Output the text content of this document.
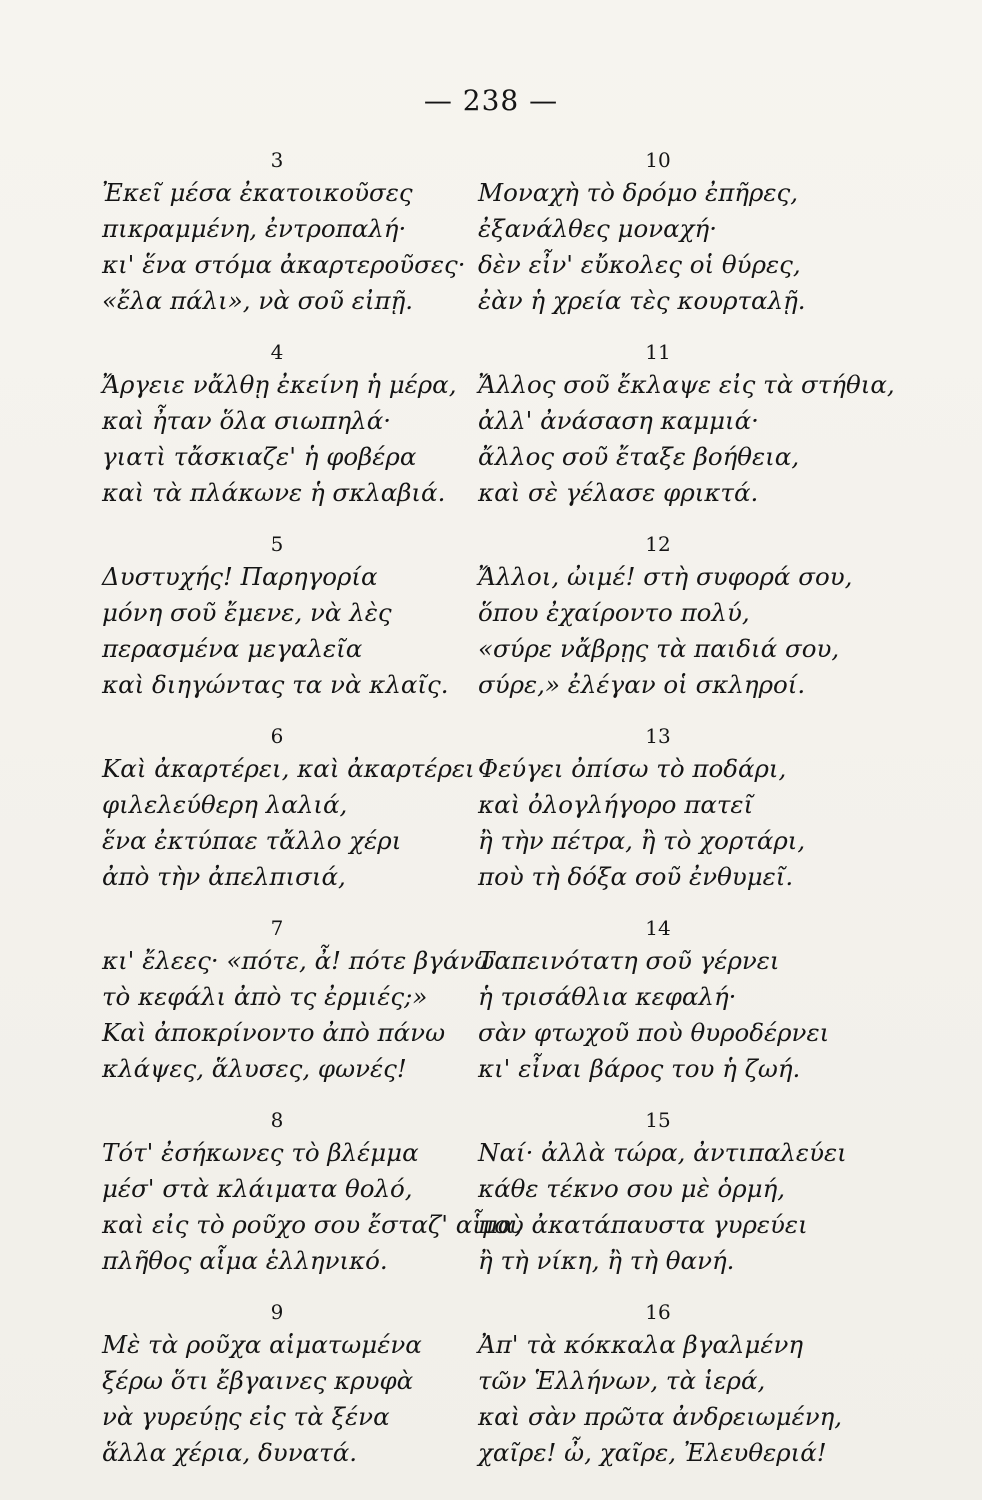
— 238 —
3
Ἐκεῖ μέσα ἐκατοικοῦσες
πικραμμένη, ἐντροπαλή·
κι' ἕνα στόμα ἀκαρτεροῦσες·
«ἔλα πάλι», νὰ σοῦ εἰπῇ.
4
Ἄργειε νἄλθῃ ἐκείνη ἡ μέρα,
καὶ ἦταν ὅλα σιωπηλά·
γιατὶ τἄσκιαζε' ἡ φοβέρα
καὶ τὰ πλάκωνε ἡ σκλαβιά.
5
Δυστυχής! Παρηγορία
μόνη σοῦ ἔμενε, νὰ λὲς
περασμένα μεγαλεῖα
καὶ διηγώντας τα νὰ κλαῖς.
6
Καὶ ἀκαρτέρει, καὶ ἀκαρτέρει
φιλελεύθερη λαλιά,
ἕνα ἐκτύπαε τἄλλο χέρι
ἀπὸ τὴν ἀπελπισιά,
7
κι' ἔλεες· «πότε, ἆ! πότε βγάνω
τὸ κεφάλι ἀπὸ τς ἐρμιές;»
Καὶ ἀποκρίνοντο ἀπὸ πάνω
κλάψες, ἅλυσες, φωνές!
8
Τότ' ἐσήκωνες τὸ βλέμμα
μέσ' στὰ κλάιματα θολό,
καὶ εἰς τὸ ροῦχο σου ἔσταζ' αἷμα,
πλῆθος αἷμα ἑλληνικό.
9
Μὲ τὰ ροῦχα αἱματωμένα
ξέρω ὅτι ἔβγαινες κρυφὰ
νὰ γυρεύῃς εἰς τὰ ξένα
ἅλλα χέρια, δυνατά.
10
Μοναχὴ τὸ δρόμο ἐπῆρες,
ἐξανάλθες μοναχή·
δὲν εἶν' εὔκολες οἱ θύρες,
ἐὰν ἡ χρεία τὲς κουρταλῇ.
11
Ἄλλος σοῦ ἔκλαψε εἰς τὰ στήθια,
ἀλλ' ἀνάσαση καμμιά·
ἄλλος σοῦ ἔταξε βοήθεια,
καὶ σὲ γέλασε φρικτά.
12
Ἄλλοι, ὠιμέ! στὴ συφορά σου,
ὅπου ἐχαίροντο πολύ,
«σύρε νἄβρῃς τὰ παιδιά σου,
σύρε,» ἐλέγαν οἱ σκληροί.
13
Φεύγει ὀπίσω τὸ ποδάρι,
καὶ ὀλογλήγορο πατεῖ
ἢ τὴν πέτρα, ἢ τὸ χορτάρι,
ποὺ τὴ δόξα σοῦ ἐνθυμεῖ.
14
Ταπεινότατη σοῦ γέρνει
ἡ τρισάθλια κεφαλή·
σὰν φτωχοῦ ποὺ θυροδέρνει
κι' εἶναι βάρος του ἡ ζωή.
15
Ναί· ἀλλὰ τώρα, ἀντιπαλεύει
κάθε τέκνο σου μὲ ὁρμή,
ποὺ ἀκατάπαυστα γυρεύει
ἢ τὴ νίκη, ἢ τὴ θανή.
16
Ἀπ' τὰ κόκκαλα βγαλμένη
τῶν Ἑλλήνων, τὰ ἱερά,
καὶ σὰν πρῶτα ἀνδρειωμένη,
χαῖρε! ὦ, χαῖρε, Ἐλευθεριά!
